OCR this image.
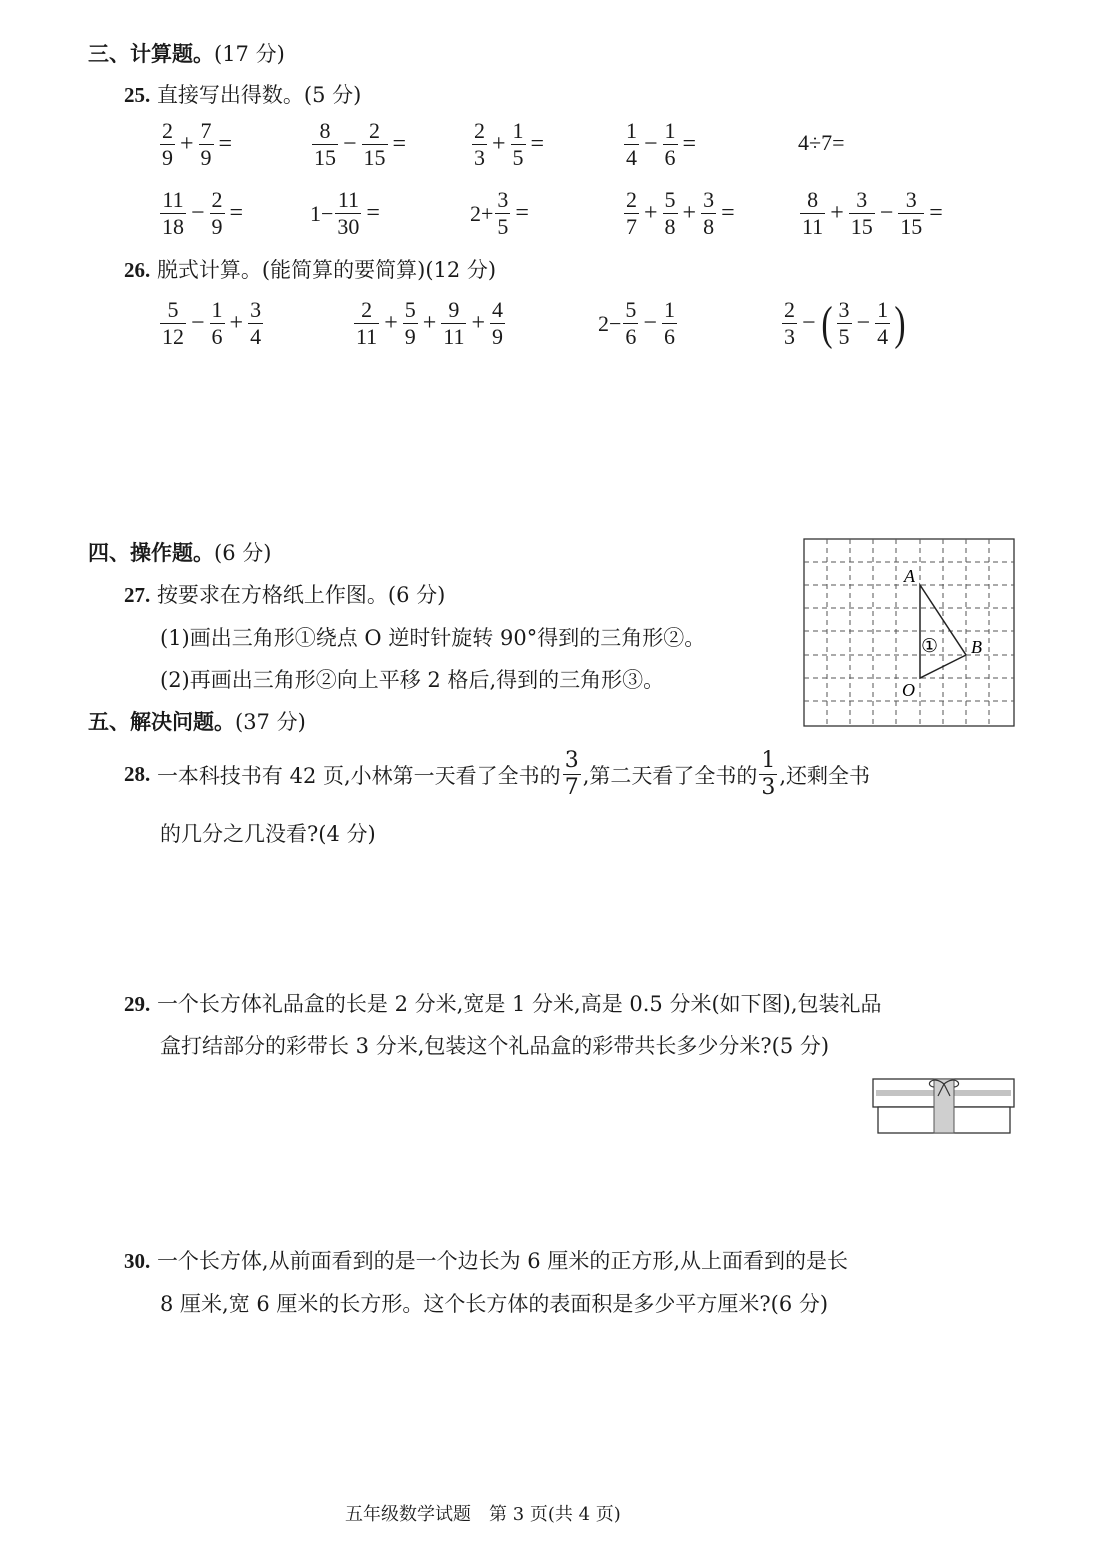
三、计算题。(17 分)
25. 直接写出得数。(5 分)
$\frac{2}{9} + \frac{7}{9}$ =	$\frac{8}{15} - \frac{2}{15}$ =	$\frac{2}{3} + \frac{1}{5}$ =	$\frac{1}{4} - \frac{1}{6}$ =	4÷7=
$\frac{11}{18} - \frac{2}{9}$ =	$1- \frac{11}{30}$ =	$2+ \frac{3}{5}$ =	$\frac{2}{7} + \frac{5}{8} + \frac{3}{8}$ =	$\frac{8}{11} + \frac{3}{15} - \frac{3}{15}$ =
26. 脱式计算。(能简算的要简算)(12 分)
$\frac{5}{12} - \frac{1}{6} + \frac{3}{4}$	$\frac{2}{11} + \frac{5}{9} + \frac{9}{11} + \frac{4}{9}$	$2- \frac{5}{6} - \frac{1}{6}$	$\frac{2}{3}$ − ( $\frac{3}{5} - \frac{1}{4}$ )
四、操作题。(6 分)
27. 按要求在方格纸上作图。(6 分)
(1)画出三角形①绕点 O 逆时针旋转 90°得到的三角形②。
(2)再画出三角形②向上平移 2 格后,得到的三角形③。
A
B
O
①
五、解决问题。(37 分)
28.
一本科技书有 42 页,小林第一天看了全书的 $\frac{3}{7}$ ,第二天看了全书的 $\frac{1}{3}$ ,还剩全书
的几分之几没看?(4 分)
29. 一个长方体礼品盒的长是 2 分米,宽是 1 分米,高是 0.5 分米(如下图),包装礼品
盒打结部分的彩带长 3 分米,包装这个礼品盒的彩带共长多少分米?(5 分)
30. 一个长方体,从前面看到的是一个边长为 6 厘米的正方形,从上面看到的是长
8 厘米,宽 6 厘米的长方形。这个长方体的表面积是多少平方厘米?(6 分)
五年级数学试题　第 3 页(共 4 页)
